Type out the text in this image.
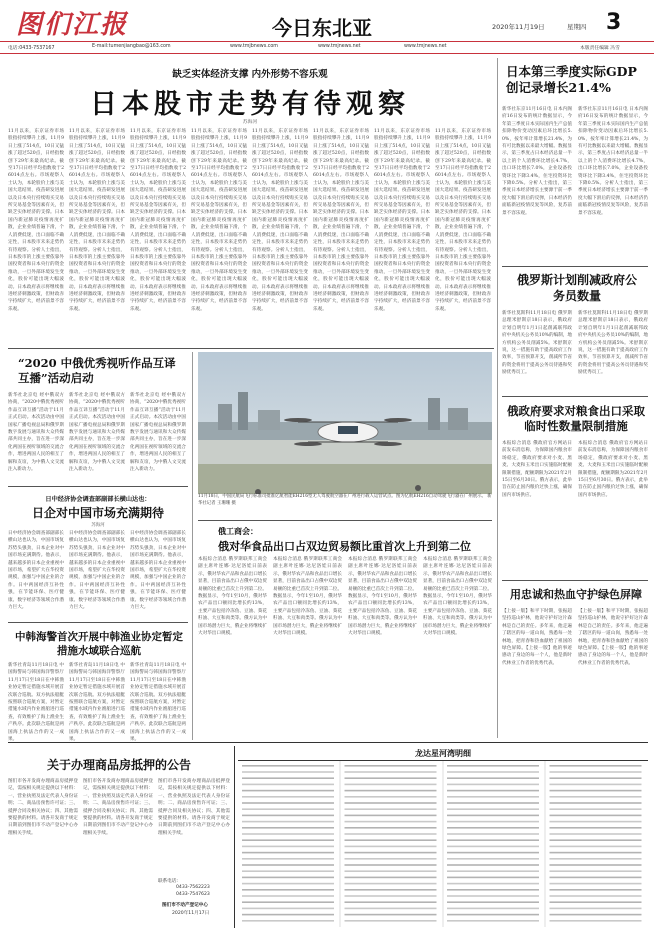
图们江报	今日东北亚	2020年11月19日	星期四 3
电话:0433-7537167	E-mail:tumenjiangbao@163.com	www.tmjbnews.com	www.tmjnews.net	www.tmjnews.net	本版责任编辑 冯雪
缺乏实体经济支撑 内外形势不容乐观
日本股市走势有待观察
苏海河
11月以来，东京证券市场股指持续攀升上涨，11月9日上涨了514点，10日又猛涨了超过520点，日经指数创下29年来最高纪录。截至17日日经平均指数收于26014点左右。市场观察人士认为，本轮股价上涨与美国大选结果、疫苗研发进展以及日本央行持续购买交易所交易基金等因素有关，但缺乏实体经济的支撑。日本国内新冠肺炎疫情再度扩散，企业业绩普遍下滑，个人消费低迷，出口面临不确定性，日本股市未来走势仍有待观察。分析人士指出，日本股市的上涨主要依靠外国投资者和日本央行的资金推动，一旦外部环境发生变化，股价可能出现大幅波动。日本政府表示将继续推进经济刺激政策，但财政赤字持续扩大，经济前景不容乐观。
11月以来，东京证券市场股指持续攀升上涨，11月9日上涨了514点，10日又猛涨了超过520点，日经指数创下29年来最高纪录。截至17日日经平均指数收于26014点左右。市场观察人士认为，本轮股价上涨与美国大选结果、疫苗研发进展以及日本央行持续购买交易所交易基金等因素有关，但缺乏实体经济的支撑。日本国内新冠肺炎疫情再度扩散，企业业绩普遍下滑，个人消费低迷，出口面临不确定性，日本股市未来走势仍有待观察。分析人士指出，日本股市的上涨主要依靠外国投资者和日本央行的资金推动，一旦外部环境发生变化，股价可能出现大幅波动。日本政府表示将继续推进经济刺激政策，但财政赤字持续扩大，经济前景不容乐观。
11月以来，东京证券市场股指持续攀升上涨，11月9日上涨了514点，10日又猛涨了超过520点，日经指数创下29年来最高纪录。截至17日日经平均指数收于26014点左右。市场观察人士认为，本轮股价上涨与美国大选结果、疫苗研发进展以及日本央行持续购买交易所交易基金等因素有关，但缺乏实体经济的支撑。日本国内新冠肺炎疫情再度扩散，企业业绩普遍下滑，个人消费低迷，出口面临不确定性，日本股市未来走势仍有待观察。分析人士指出，日本股市的上涨主要依靠外国投资者和日本央行的资金推动，一旦外部环境发生变化，股价可能出现大幅波动。日本政府表示将继续推进经济刺激政策，但财政赤字持续扩大，经济前景不容乐观。
11月以来，东京证券市场股指持续攀升上涨，11月9日上涨了514点，10日又猛涨了超过520点，日经指数创下29年来最高纪录。截至17日日经平均指数收于26014点左右。市场观察人士认为，本轮股价上涨与美国大选结果、疫苗研发进展以及日本央行持续购买交易所交易基金等因素有关，但缺乏实体经济的支撑。日本国内新冠肺炎疫情再度扩散，企业业绩普遍下滑，个人消费低迷，出口面临不确定性，日本股市未来走势仍有待观察。分析人士指出，日本股市的上涨主要依靠外国投资者和日本央行的资金推动，一旦外部环境发生变化，股价可能出现大幅波动。日本政府表示将继续推进经济刺激政策，但财政赤字持续扩大，经济前景不容乐观。
11月以来，东京证券市场股指持续攀升上涨，11月9日上涨了514点，10日又猛涨了超过520点，日经指数创下29年来最高纪录。截至17日日经平均指数收于26014点左右。市场观察人士认为，本轮股价上涨与美国大选结果、疫苗研发进展以及日本央行持续购买交易所交易基金等因素有关，但缺乏实体经济的支撑。日本国内新冠肺炎疫情再度扩散，企业业绩普遍下滑，个人消费低迷，出口面临不确定性，日本股市未来走势仍有待观察。分析人士指出，日本股市的上涨主要依靠外国投资者和日本央行的资金推动，一旦外部环境发生变化，股价可能出现大幅波动。日本政府表示将继续推进经济刺激政策，但财政赤字持续扩大，经济前景不容乐观。
11月以来，东京证券市场股指持续攀升上涨，11月9日上涨了514点，10日又猛涨了超过520点，日经指数创下29年来最高纪录。截至17日日经平均指数收于26014点左右。市场观察人士认为，本轮股价上涨与美国大选结果、疫苗研发进展以及日本央行持续购买交易所交易基金等因素有关，但缺乏实体经济的支撑。日本国内新冠肺炎疫情再度扩散，企业业绩普遍下滑，个人消费低迷，出口面临不确定性，日本股市未来走势仍有待观察。分析人士指出，日本股市的上涨主要依靠外国投资者和日本央行的资金推动，一旦外部环境发生变化，股价可能出现大幅波动。日本政府表示将继续推进经济刺激政策，但财政赤字持续扩大，经济前景不容乐观。
11月以来，东京证券市场股指持续攀升上涨，11月9日上涨了514点，10日又猛涨了超过520点，日经指数创下29年来最高纪录。截至17日日经平均指数收于26014点左右。市场观察人士认为，本轮股价上涨与美国大选结果、疫苗研发进展以及日本央行持续购买交易所交易基金等因素有关，但缺乏实体经济的支撑。日本国内新冠肺炎疫情再度扩散，企业业绩普遍下滑，个人消费低迷，出口面临不确定性，日本股市未来走势仍有待观察。分析人士指出，日本股市的上涨主要依靠外国投资者和日本央行的资金推动，一旦外部环境发生变化，股价可能出现大幅波动。日本政府表示将继续推进经济刺激政策，但财政赤字持续扩大，经济前景不容乐观。
11月以来，东京证券市场股指持续攀升上涨，11月9日上涨了514点，10日又猛涨了超过520点，日经指数创下29年来最高纪录。截至17日日经平均指数收于26014点左右。市场观察人士认为，本轮股价上涨与美国大选结果、疫苗研发进展以及日本央行持续购买交易所交易基金等因素有关，但缺乏实体经济的支撑。日本国内新冠肺炎疫情再度扩散，企业业绩普遍下滑，个人消费低迷，出口面临不确定性，日本股市未来走势仍有待观察。分析人士指出，日本股市的上涨主要依靠外国投资者和日本央行的资金推动，一旦外部环境发生变化，股价可能出现大幅波动。日本政府表示将继续推进经济刺激政策，但财政赤字持续扩大，经济前景不容乐观。
日本第三季度实际GDP创记录增长21.4%
新华社东京11月16日电 日本内阁府16日发布的统计数据显示，今年第三季度日本实际国内生产总值扣除物价变动因素后环比增长5.0%，按年率计算增长21.4%，为有可比数据以来最大增幅。数据显示，第三季度占日本经济总量一半以上的个人消费环比增长4.7%，出口环比增长7.0%，企业设备投资环比下降3.4%，住宅投资环比下降0.5%。分析人士指出，第三季度日本经济增长主要源于前一季度大幅下滑后的反弹，日本经济仍面临新冠疫情反复等风险，复苏前景不容乐观。
新华社东京11月16日电 日本内阁府16日发布的统计数据显示，今年第三季度日本实际国内生产总值扣除物价变动因素后环比增长5.0%，按年率计算增长21.4%，为有可比数据以来最大增幅。数据显示，第三季度占日本经济总量一半以上的个人消费环比增长4.7%，出口环比增长7.0%，企业设备投资环比下降3.4%，住宅投资环比下降0.5%。分析人士指出，第三季度日本经济增长主要源于前一季度大幅下滑后的反弹，日本经济仍面临新冠疫情反复等风险，复苏前景不容乐观。
俄罗斯计划削减政府公务员数量
新华社莫斯科11月18日电 俄罗斯总理米舒斯京18日表示，俄政府计划自明年1月1日起削减联邦政府中央机关公务员10%的编制，地方机构公务员削减5%。米舒斯京说，这一措施有助于提高政府工作效率，节省预算开支，削减所节省的资金将用于提高公务员待遇和奖励优秀员工。
新华社莫斯科11月18日电 俄罗斯总理米舒斯京18日表示，俄政府计划自明年1月1日起削减联邦政府中央机关公务员10%的编制，地方机构公务员削减5%。米舒斯京说，这一措施有助于提高政府工作效率，节省预算开支，削减所节省的资金将用于提高公务员待遇和奖励优秀员工。
俄政府要求对粮食出口采取临时性数量限制措施
本报综合消息 俄政府官方网站日前发布消息称，为保障国内粮食市场稳定，俄政府要求对小麦、黑麦、大麦和玉米出口实施临时配额限制措施，配额期限为2021年2月15日至6月30日。俄方表示，此举旨在防止国内粮价过快上涨，确保国内市场供应。
本报综合消息 俄政府官方网站日前发布消息称，为保障国内粮食市场稳定，俄政府要求对小麦、黑麦、大麦和玉米出口实施临时配额限制措施，配额期限为2021年2月15日至6月30日。俄方表示，此举旨在防止国内粮价过快上涨，确保国内市场供应。
用忠诚和热血守护绿色屏障
【上接一版】和平下时期，张振超坚持巡山护林，他说守护好这片森林是自己的责任。多年来，他走遍了辖区的每一道山岗，熟悉每一处林地，把青春和热血献给了祖国的绿色屏障。【上接一版】他的事迹感动了身边的每一个人，他是新时代林业工作者的优秀代表。
【上接一版】和平下时期，张振超坚持巡山护林，他说守护好这片森林是自己的责任。多年来，他走遍了辖区的每一道山岗，熟悉每一处林地，把青春和热血献给了祖国的绿色屏障。【上接一版】他的事迹感动了身边的每一个人，他是新时代林业工作者的优秀代表。
“2020 中俄优秀视听作品互译互播”活动启动
新华社北京电 经中俄双方协商，“2020中俄优秀视听作品互译互播”活动于11月正式启动。本次活动由中国国家广播电视总局和俄罗斯数字发展与通讯和大众传媒部共同主办，旨在进一步深化两国在视听领域的交流合作，增进两国人民的相互了解和友谊，为中俄人文交流注入新动力。
新华社北京电 经中俄双方协商，“2020中俄优秀视听作品互译互播”活动于11月正式启动。本次活动由中国国家广播电视总局和俄罗斯数字发展与通讯和大众传媒部共同主办，旨在进一步深化两国在视听领域的交流合作，增进两国人民的相互了解和友谊，为中俄人文交流注入新动力。
新华社北京电 经中俄双方协商，“2020中俄优秀视听作品互译互播”活动于11月正式启动。本次活动由中国国家广播电视总局和俄罗斯数字发展与通讯和大众传媒部共同主办，旨在进一步深化两国在视听领域的交流合作，增进两国人民的相互了解和友谊，为中俄人文交流注入新动力。
日中经济协会调查部副部长横山达也：
日企对中国市场充满期待
苏海河
日中经济协会调查部副部长横山达也认为，中国市场复苏势头强劲，日本企业对中国市场充满期待。他表示，越来越多的日本企业重视中国市场，希望扩大在华投资规模，加强与中国企业的合作。日中两国经济互补性强，在节能环保、医疗健康、数字经济等领域合作潜力巨大。
日中经济协会调查部副部长横山达也认为，中国市场复苏势头强劲，日本企业对中国市场充满期待。他表示，越来越多的日本企业重视中国市场，希望扩大在华投资规模，加强与中国企业的合作。日中两国经济互补性强，在节能环保、医疗健康、数字经济等领域合作潜力巨大。
日中经济协会调查部副部长横山达也认为，中国市场复苏势头强劲，日本企业对中国市场充满期待。他表示，越来越多的日本企业重视中国市场，希望扩大在华投资规模，加强与中国企业的合作。日中两国经济互补性强，在节能环保、医疗健康、数字经济等领域合作潜力巨大。
中韩海警首次开展中韩渔业协定暂定措施水域联合巡航
新华社青岛11月18日电 中国海警局与韩国海洋警察厅11月17日至18日在中韩渔业协定暂定措施水域开展首次联合巡航。双方执法船艇按照联合巡航方案，对暂定措施水域内作业渔船进行巡查，有效维护了海上渔业生产秩序。此次联合巡航是两国海上执法合作的又一成果。
新华社青岛11月18日电 中国海警局与韩国海洋警察厅11月17日至18日在中韩渔业协定暂定措施水域开展首次联合巡航。双方执法船艇按照联合巡航方案，对暂定措施水域内作业渔船进行巡查，有效维护了海上渔业生产秩序。此次联合巡航是两国海上执法合作的又一成果。
新华社青岛11月18日电 中国海警局与韩国海洋警察厅11月17日至18日在中韩渔业协定暂定措施水域开展首次联合巡航。双方执法船艇按照联合巡航方案，对暂定措施水域内作业渔船进行巡查，有效维护了海上渔业生产秩序。此次联合巡航是两国海上执法合作的又一成果。
11月18日，中国民航局飞行标准司批准亿航智能EH216型无人驾驶航空器在广州进行载人运营试点。图为亿航EH216自动驾驶飞行器在广州展示。 新华社记者 王珊珊 摄
俄工商会：
俄对华食品出口占双边贸易额比重首次上升到第二位
本报综合消息 俄罗斯联邦工商会副主席叶连娜·达尼洛娃日前表示，俄对华农产品和食品出口增长显著，目前食品出口占俄中双边贸易额的比重已首次上升到第二位。数据显示，今年1至10月，俄对华农产品出口额同比增长约13%，主要产品包括冷冻鱼、豆油、葵花籽油、大豆和肉类等。俄方认为中国市场潜力巨大，俄企业将继续扩大对华出口规模。
本报综合消息 俄罗斯联邦工商会副主席叶连娜·达尼洛娃日前表示，俄对华农产品和食品出口增长显著，目前食品出口占俄中双边贸易额的比重已首次上升到第二位。数据显示，今年1至10月，俄对华农产品出口额同比增长约13%，主要产品包括冷冻鱼、豆油、葵花籽油、大豆和肉类等。俄方认为中国市场潜力巨大，俄企业将继续扩大对华出口规模。
本报综合消息 俄罗斯联邦工商会副主席叶连娜·达尼洛娃日前表示，俄对华农产品和食品出口增长显著，目前食品出口占俄中双边贸易额的比重已首次上升到第二位。数据显示，今年1至10月，俄对华农产品出口额同比增长约13%，主要产品包括冷冻鱼、豆油、葵花籽油、大豆和肉类等。俄方认为中国市场潜力巨大，俄企业将继续扩大对华出口规模。
本报综合消息 俄罗斯联邦工商会副主席叶连娜·达尼洛娃日前表示，俄对华农产品和食品出口增长显著，目前食品出口占俄中双边贸易额的比重已首次上升到第二位。数据显示，今年1至10月，俄对华农产品出口额同比增长约13%，主要产品包括冷冻鱼、豆油、葵花籽油、大豆和肉类等。俄方认为中国市场潜力巨大，俄企业将继续扩大对华出口规模。
关于办理商品房抵押的公告
图们市各开发商办理商品房抵押登记，需按相关规定提供以下材料：一、营业执照及法定代表人身份证明；二、商品房预售许可证；三、抵押合同及相关协议；四、其他需要提供的材料。请各开发商于规定日期前到图们市不动产登记中心办理相关手续。
图们市各开发商办理商品房抵押登记，需按相关规定提供以下材料：一、营业执照及法定代表人身份证明；二、商品房预售许可证；三、抵押合同及相关协议；四、其他需要提供的材料。请各开发商于规定日期前到图们市不动产登记中心办理相关手续。
图们市各开发商办理商品房抵押登记，需按相关规定提供以下材料：一、营业执照及法定代表人身份证明；二、商品房预售许可证；三、抵押合同及相关协议；四、其他需要提供的材料。请各开发商于规定日期前到图们市不动产登记中心办理相关手续。
联系电话:
0433-7562223
0433-7547623
图们市不动产登记中心
2020年11月17日
龙达星河湾明细
